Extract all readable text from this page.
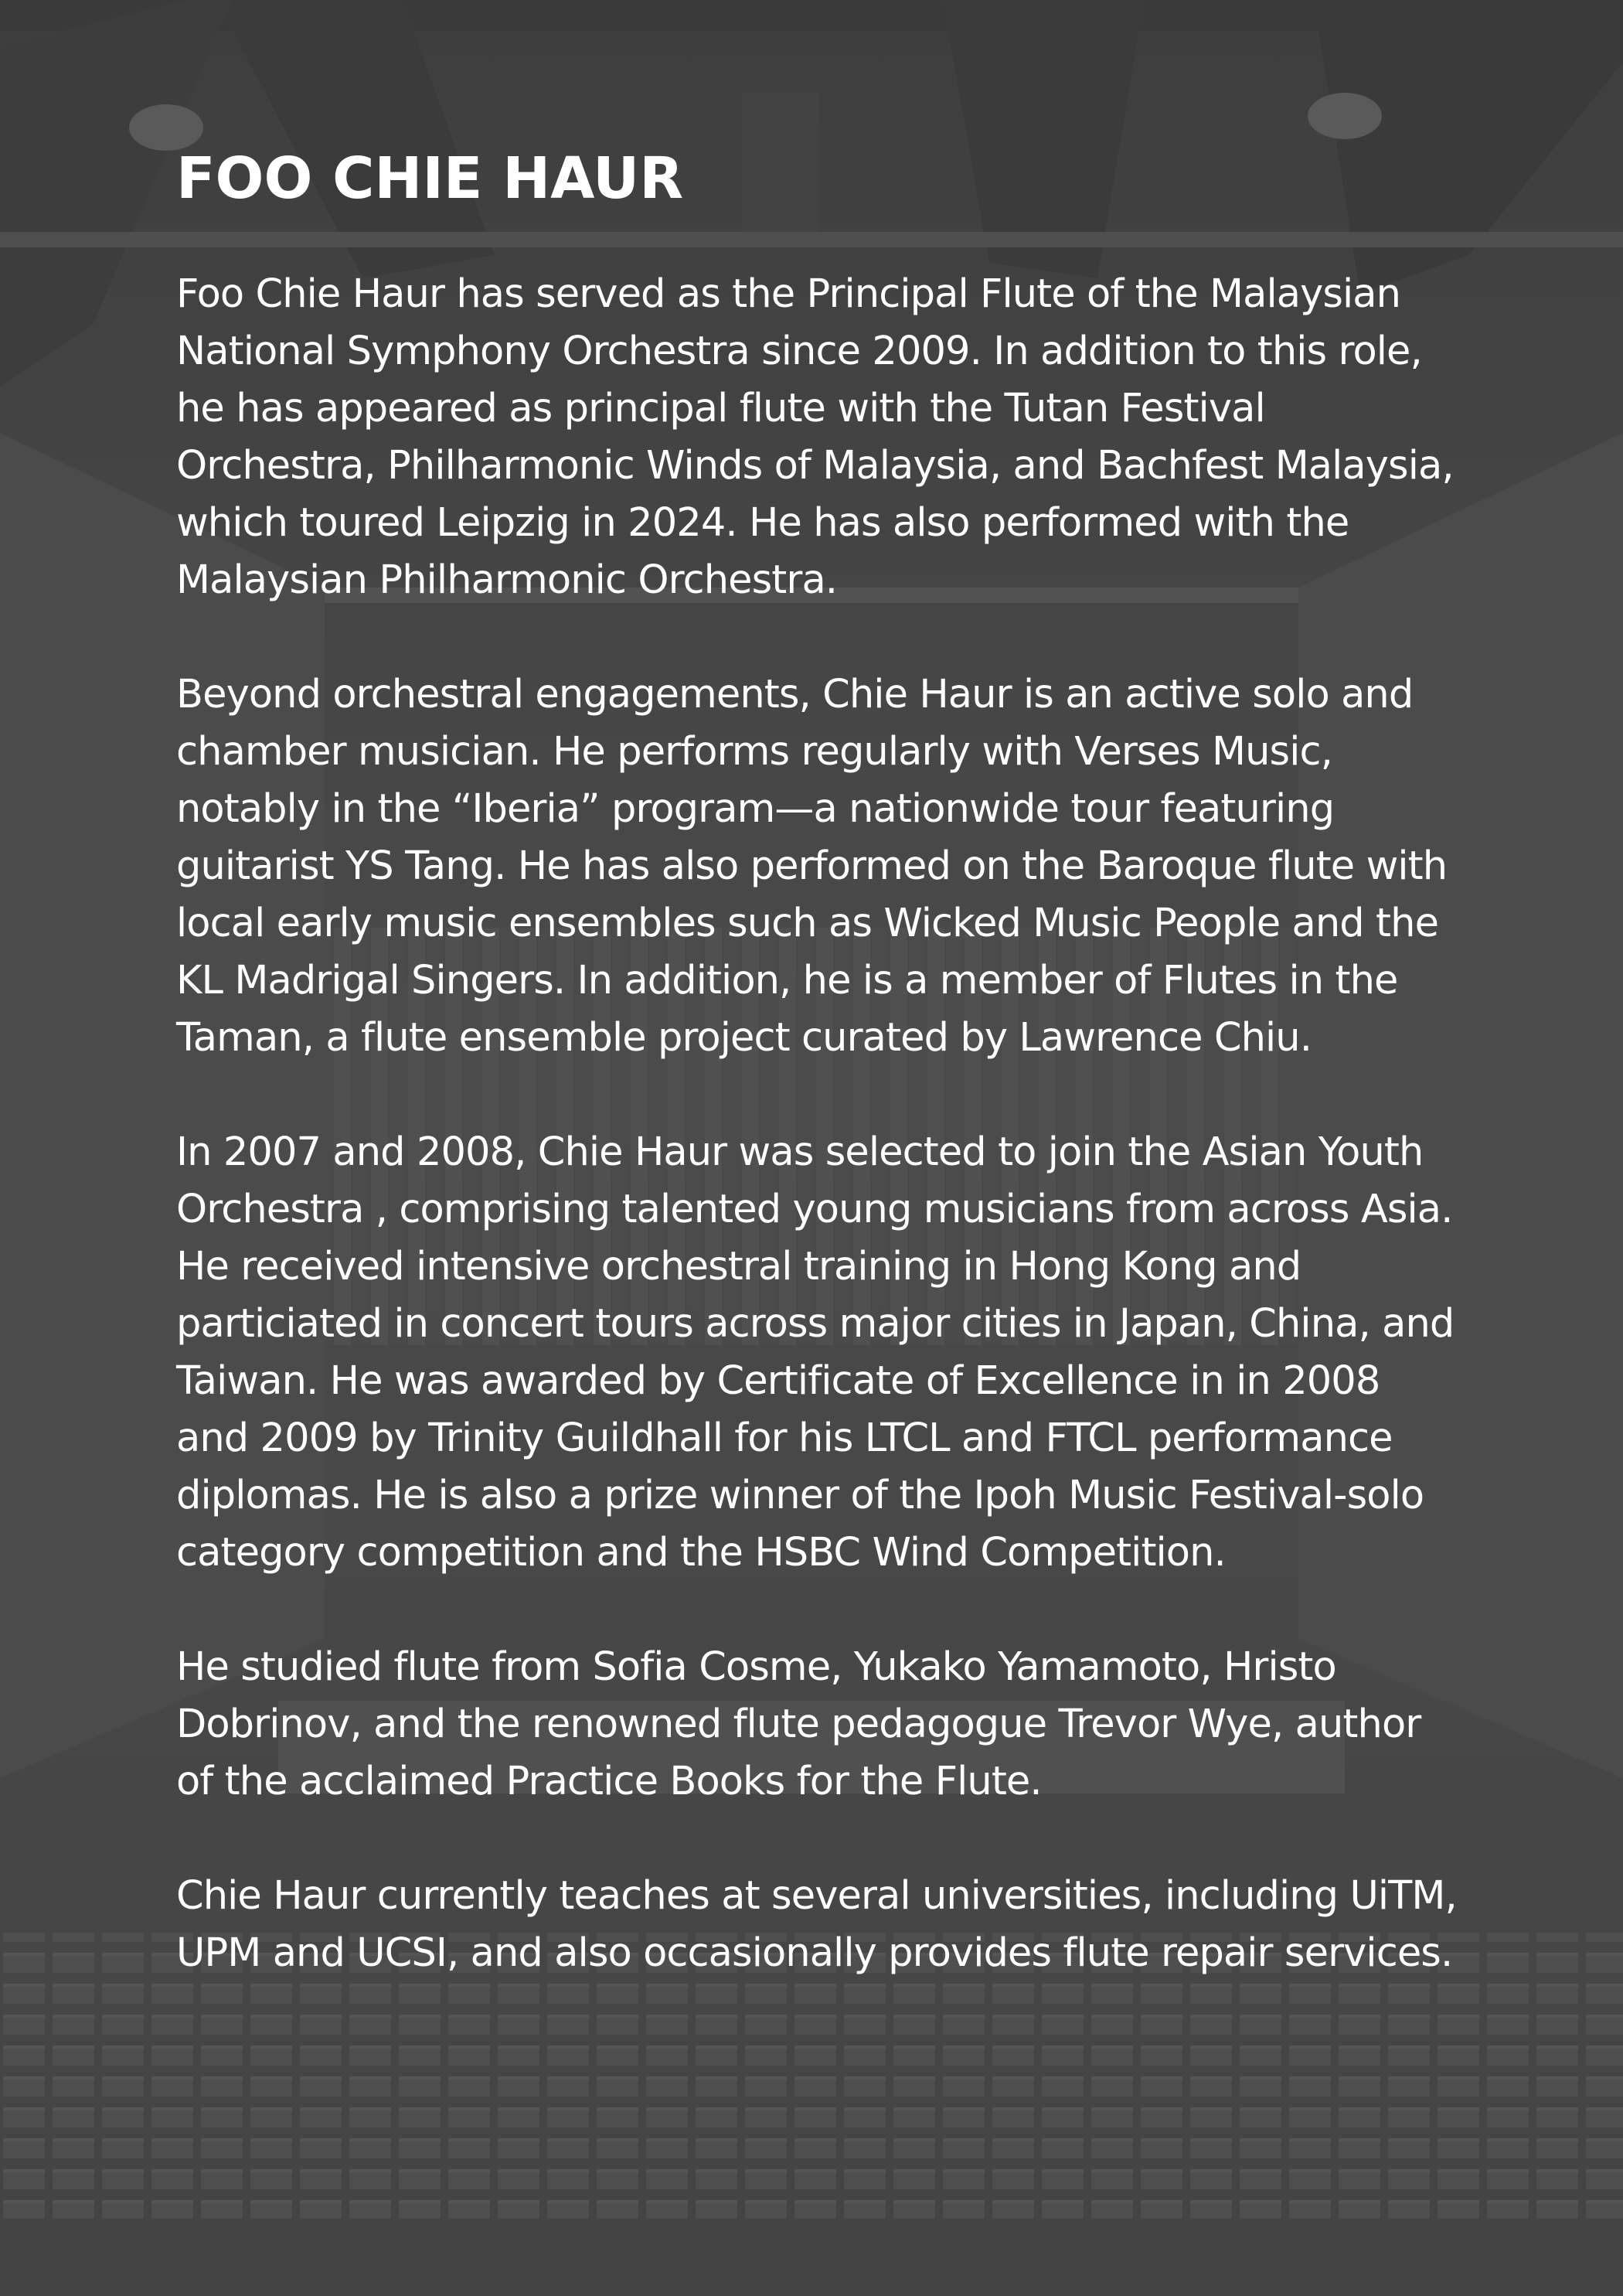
FOO CHIE HAUR

Foo Chie Haur has served as the Principal Flute of the Malaysian National Symphony Orchestra since 2009. In addition to this role, he has appeared as principal flute with the Tutan Festival Orchestra, Philharmonic Winds of Malaysia, and Bachfest Malaysia, which toured Leipzig in 2024. He has also performed with the Malaysian Philharmonic Orchestra.

Beyond orchestral engagements, Chie Haur is an active solo and chamber musician. He performs regularly with Verses Music, notably in the “Iberia” program—a nationwide tour featuring guitarist YS Tang. He has also performed on the Baroque flute with local early music ensembles such as Wicked Music People and the KL Madrigal Singers. In addition, he is a member of Flutes in the Taman, a flute ensemble project curated by Lawrence Chiu.

In 2007 and 2008, Chie Haur was selected to join the Asian Youth Orchestra , comprising talented young musicians from across Asia. He received intensive orchestral training in Hong Kong and particiated in concert tours across major cities in Japan, China, and Taiwan. He was awarded by Certificate of Excellence in in 2008 and 2009 by Trinity Guildhall for his LTCL and FTCL performance diplomas. He is also a prize winner of the Ipoh Music Festival-solo category competition and the HSBC Wind Competition.

He studied flute from Sofia Cosme, Yukako Yamamoto, Hristo Dobrinov, and the renowned flute pedagogue Trevor Wye, author of the acclaimed Practice Books for the Flute.

Chie Haur currently teaches at several universities, including UiTM, UPM and UCSI, and also occasionally provides flute repair services.
